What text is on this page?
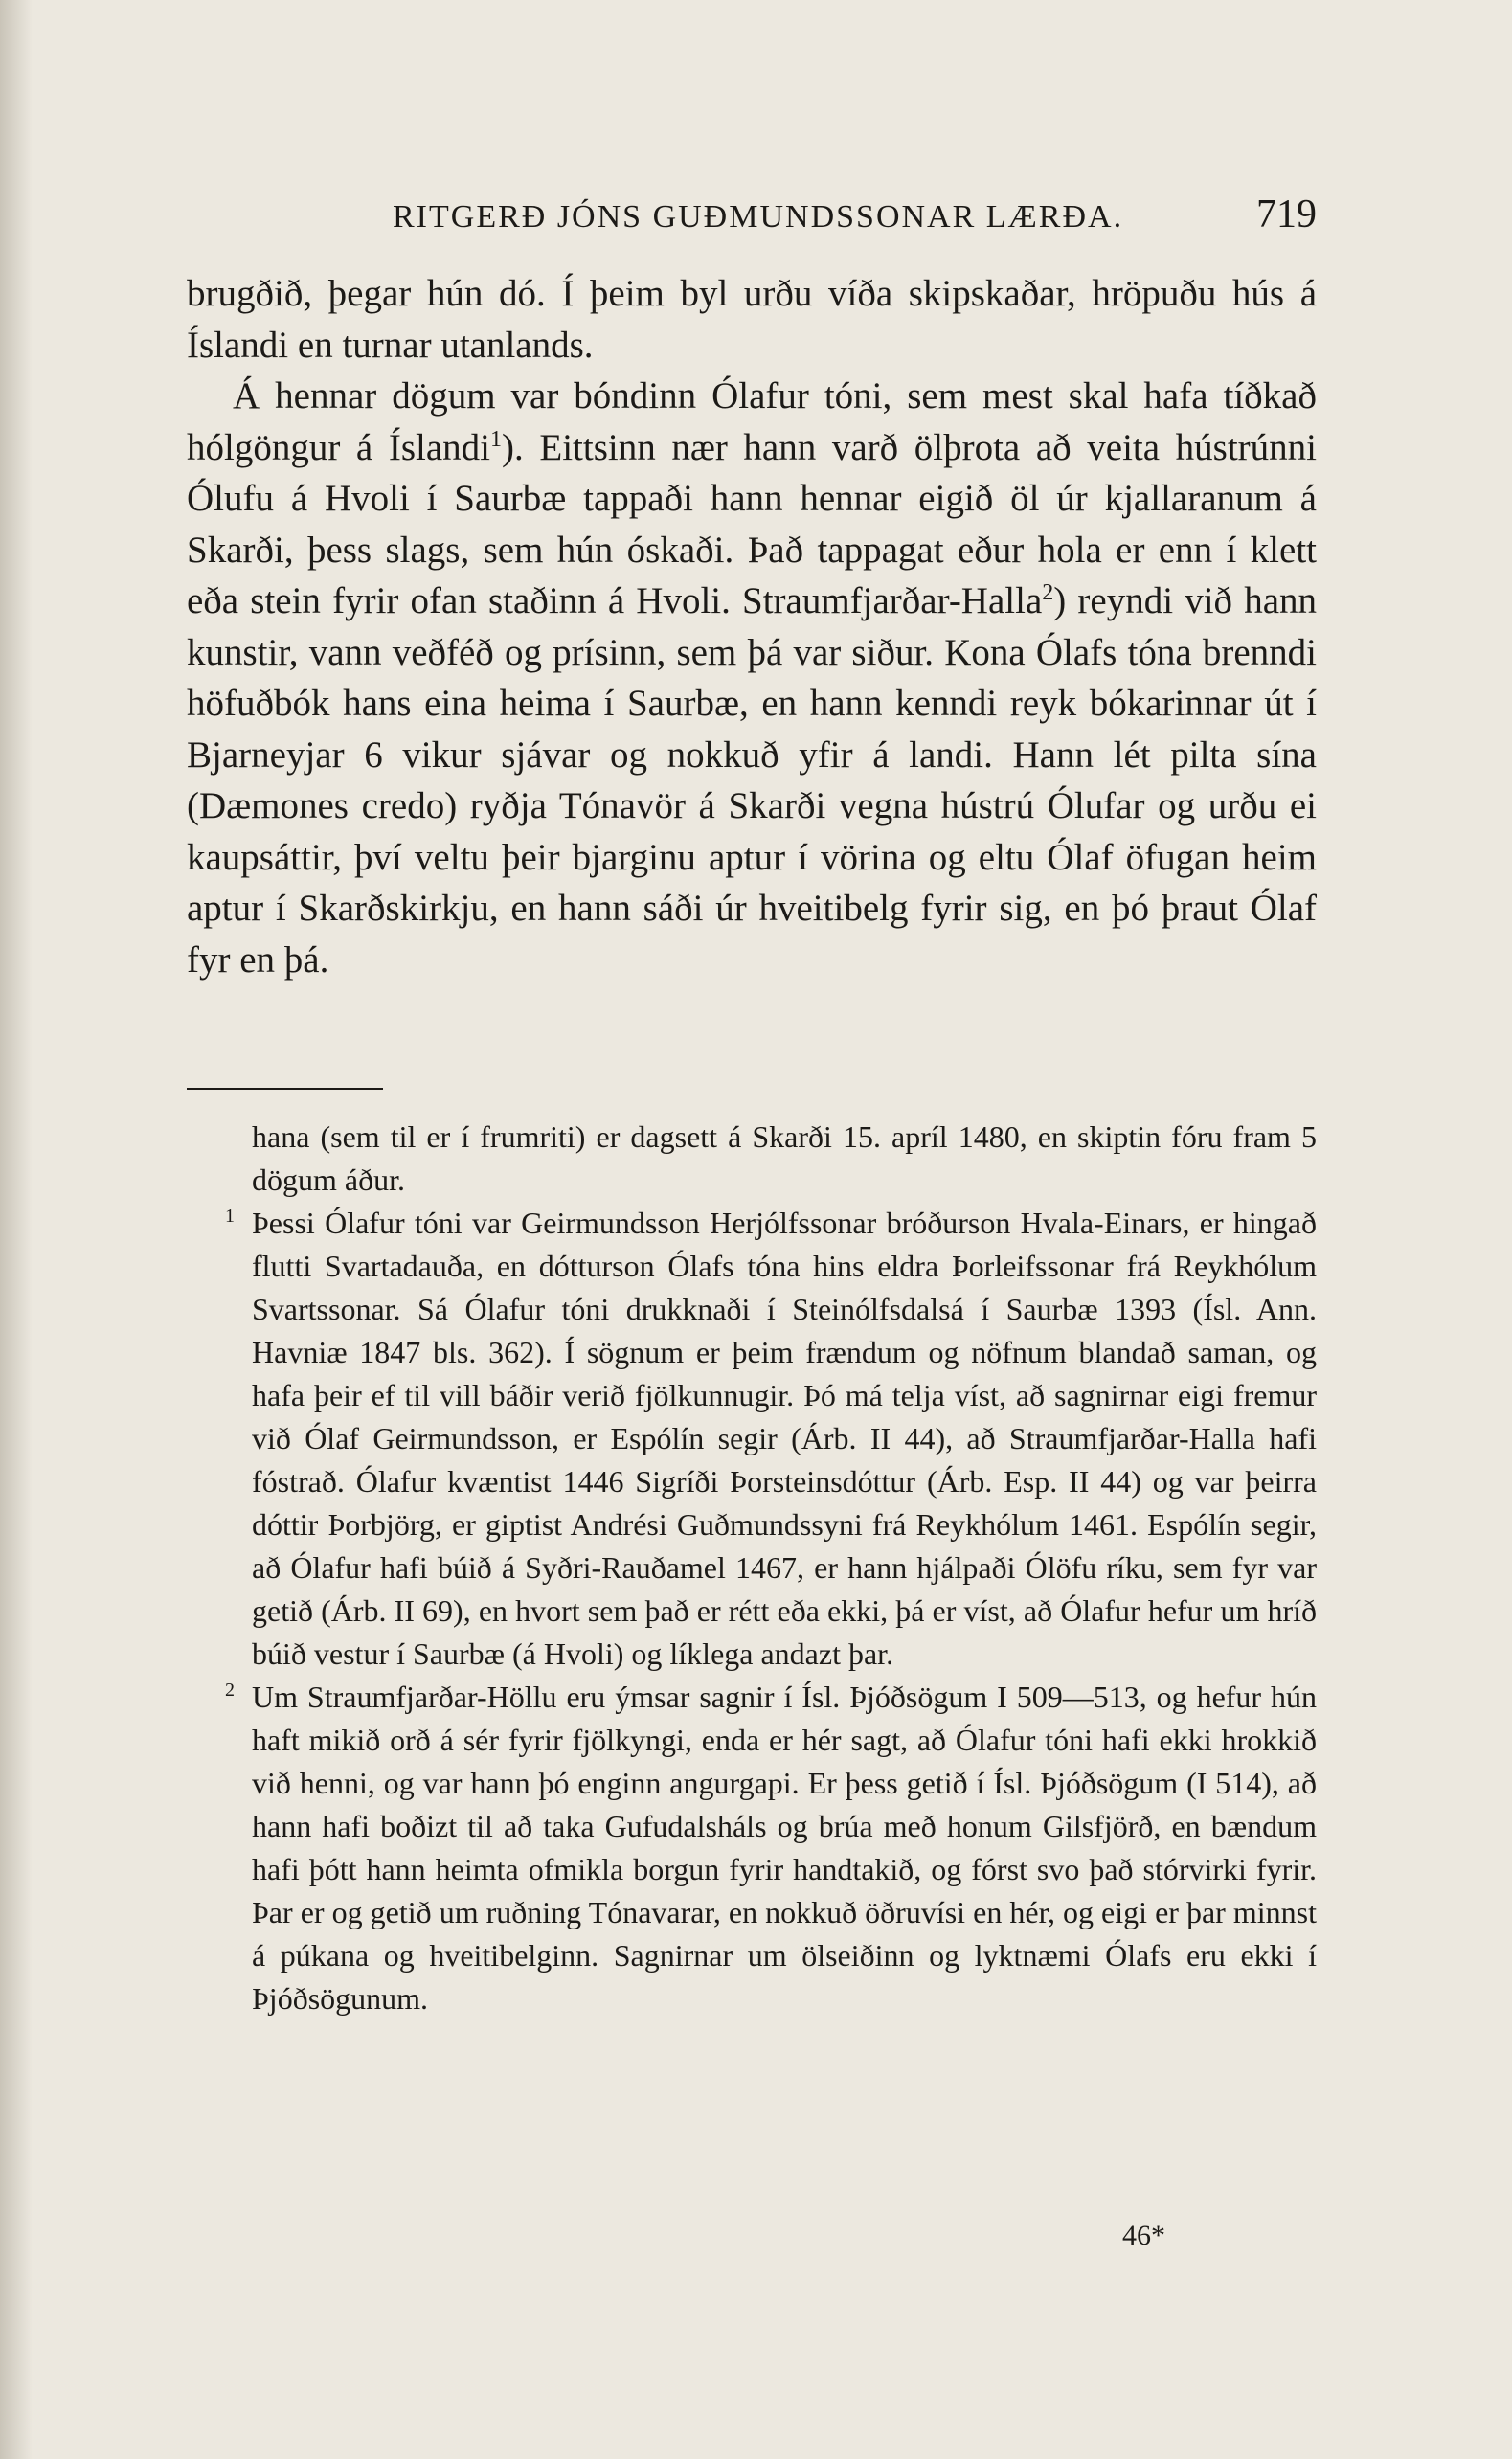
RITGERÐ JÓNS GUÐMUNDSSONAR LÆRÐA.	719

brugðið, þegar hún dó. Í þeim byl urðu víða skipskaðar, hröpuðu hús á Íslandi en turnar utanlands.

Á hennar dögum var bóndinn Ólafur tóni, sem mest skal hafa tíðkað hólgöngur á Íslandi$^1$). Eittsinn nær hann varð ölþrota að veita hústrúnni Ólufu á Hvoli í Saurbæ tappaði hann hennar eigið öl úr kjallaranum á Skarði, þess slags, sem hún óskaði. Það tappagat eður hola er enn í klett eða stein fyrir ofan staðinn á Hvoli. Straumfjarðar-Halla$^2$) reyndi við hann kunstir, vann veðféð og prísinn, sem þá var siður. Kona Ólafs tóna brenndi höfuðbók hans eina heima í Saurbæ, en hann kenndi reyk bókarinnar út í Bjarneyjar 6 vikur sjávar og nokkuð yfir á landi. Hann lét pilta sína (Dæmones credo) ryðja Tónavör á Skarði vegna hústrú Ólufar og urðu ei kaupsáttir, því veltu þeir bjarginu aptur í vörina og eltu Ólaf öfugan heim aptur í Skarðskirkju, en hann sáði úr hveitibelg fyrir sig, en þó þraut Ólaf fyr en þá.

hana (sem til er í frumriti) er dagsett á Skarði 15. apríl 1480, en skiptin fóru fram 5 dögum áður.

1 Þessi Ólafur tóni var Geirmundsson Herjólfssonar bróðurson Hvala-Einars, er hingað flutti Svartadauða, en dótturson Ólafs tóna hins eldra Þorleifssonar frá Reykhólum Svartssonar. Sá Ólafur tóni drukknaði í Steinólfsdalsá í Saurbæ 1393 (Ísl. Ann. Havniæ 1847 bls. 362). Í sögnum er þeim frændum og nöfnum blandað saman, og hafa þeir ef til vill báðir verið fjölkunnugir. Þó má telja víst, að sagnirnar eigi fremur við Ólaf Geirmundsson, er Espólín segir (Árb. II 44), að Straumfjarðar-Halla hafi fóstrað. Ólafur kvæntist 1446 Sigríði Þorsteinsdóttur (Árb. Esp. II 44) og var þeirra dóttir Þorbjörg, er giptist Andrési Guðmundssyni frá Reykhólum 1461. Espólín segir, að Ólafur hafi búið á Syðri-Rauðamel 1467, er hann hjálpaði Ólöfu ríku, sem fyr var getið (Árb. II 69), en hvort sem það er rétt eða ekki, þá er víst, að Ólafur hefur um hríð búið vestur í Saurbæ (á Hvoli) og líklega andazt þar.

2 Um Straumfjarðar-Höllu eru ýmsar sagnir í Ísl. Þjóðsögum I 509—513, og hefur hún haft mikið orð á sér fyrir fjölkyngi, enda er hér sagt, að Ólafur tóni hafi ekki hrokkið við henni, og var hann þó enginn angurgapi. Er þess getið í Ísl. Þjóðsögum (I 514), að hann hafi boðizt til að taka Gufudalsháls og brúa með honum Gilsfjörð, en bændum hafi þótt hann heimta ofmikla borgun fyrir handtakið, og fórst svo það stórvirki fyrir. Þar er og getið um ruðning Tónavarar, en nokkuð öðruvísi en hér, og eigi er þar minnst á púkana og hveitibelginn. Sagnirnar um ölseiðinn og lyktnæmi Ólafs eru ekki í Þjóðsögunum.

46*
